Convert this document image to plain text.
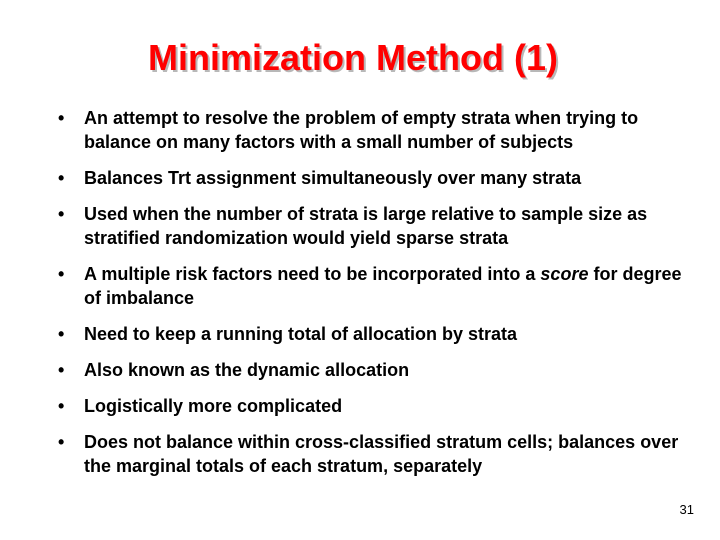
Minimization Method (1)
• An attempt to resolve the problem of empty strata when trying to balance on many factors with a small number of subjects
• Balances Trt assignment simultaneously over many strata
• Used when the number of strata is large relative to sample size as stratified randomization would yield sparse strata
• A multiple risk factors need to be incorporated into a score for degree of imbalance
• Need to keep a running total of allocation by strata
• Also known as the dynamic allocation
• Logistically more complicated
• Does not balance within cross-classified stratum cells; balances over the marginal totals of each stratum, separately
31
